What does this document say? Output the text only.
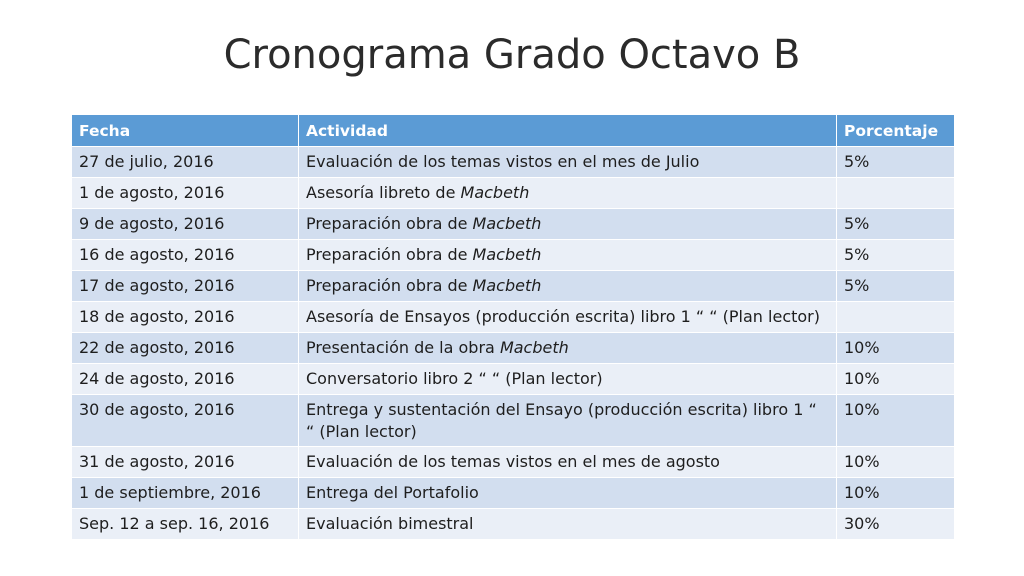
Cronograma Grado Octavo B
Fecha	Actividad	Porcentaje
27 de julio, 2016	Evaluación de los temas vistos en el mes de Julio	5%
1 de agosto, 2016	Asesoría libreto de Macbeth	
9 de agosto, 2016	Preparación obra de Macbeth	5%
16 de agosto, 2016	Preparación obra de Macbeth	5%
17 de agosto, 2016	Preparación obra de Macbeth	5%
18 de agosto, 2016	Asesoría de Ensayos (producción escrita) libro 1 “ “ (Plan lector)	
22 de agosto, 2016	Presentación de la obra Macbeth	10%
24 de agosto, 2016	Conversatorio libro 2 “ “ (Plan lector)	10%
30 de agosto, 2016	Entrega y sustentación del Ensayo (producción escrita) libro 1 “ “ (Plan lector)	10%
31 de agosto, 2016	Evaluación de los temas vistos en el mes de agosto	10%
1 de septiembre, 2016	Entrega del Portafolio	10%
Sep. 12 a sep. 16, 2016	Evaluación bimestral	30%
